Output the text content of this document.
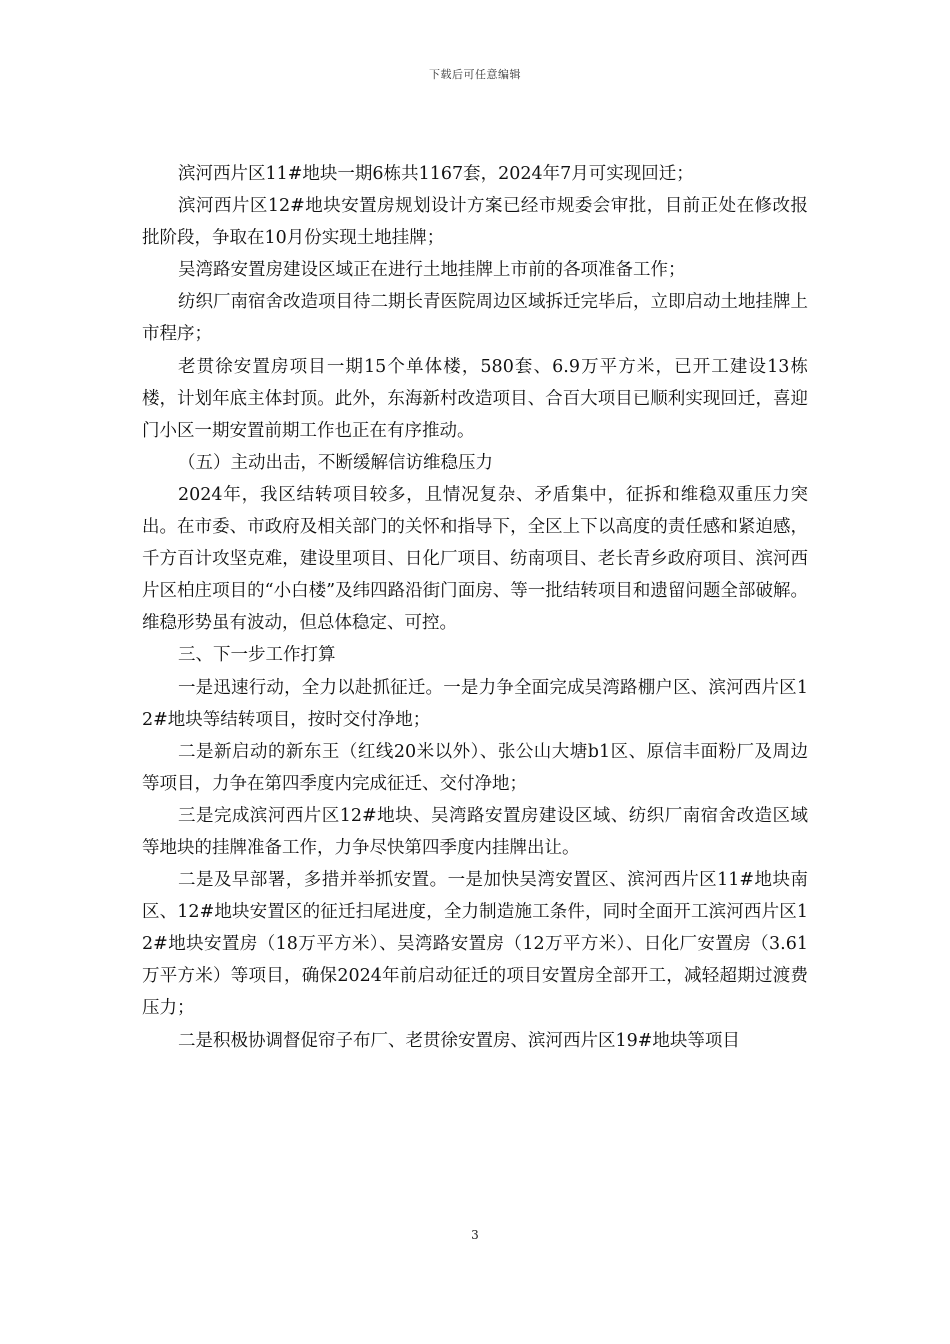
下载后可任意编辑

滨河西片区11#地块一期6栋共1167套，2024年7月可实现回迁；

滨河西片区12#地块安置房规划设计方案已经市规委会审批，目前正处在修改报批阶段，争取在10月份实现土地挂牌；

吴湾路安置房建设区域正在进行土地挂牌上市前的各项准备工作；

纺织厂南宿舍改造项目待二期长青医院周边区域拆迁完毕后，立即启动土地挂牌上市程序；

老贯徐安置房项目一期15个单体楼，580套、6.9万平方米，已开工建设13栋楼，计划年底主体封顶。此外，东海新村改造项目、合百大项目已顺利实现回迁，喜迎门小区一期安置前期工作也正在有序推动。

（五）主动出击，不断缓解信访维稳压力

2024年，我区结转项目较多，且情况复杂、矛盾集中，征拆和维稳双重压力突出。在市委、市政府及相关部门的关怀和指导下，全区上下以高度的责任感和紧迫感，千方百计攻坚克难，建设里项目、日化厂项目、纺南项目、老长青乡政府项目、滨河西片区柏庄项目的“小白楼”及纬四路沿街门面房、等一批结转项目和遗留问题全部破解。维稳形势虽有波动，但总体稳定、可控。

三、下一步工作打算

一是迅速行动，全力以赴抓征迁。一是力争全面完成吴湾路棚户区、滨河西片区12#地块等结转项目，按时交付净地；

二是新启动的新东王（红线20米以外）、张公山大塘b1区、原信丰面粉厂及周边等项目，力争在第四季度内完成征迁、交付净地；

三是完成滨河西片区12#地块、吴湾路安置房建设区域、纺织厂南宿舍改造区域等地块的挂牌准备工作，力争尽快第四季度内挂牌出让。

二是及早部署，多措并举抓安置。一是加快吴湾安置区、滨河西片区11#地块南区、12#地块安置区的征迁扫尾进度，全力制造施工条件，同时全面开工滨河西片区12#地块安置房（18万平方米）、吴湾路安置房（12万平方米）、日化厂安置房（3.61万平方米）等项目，确保2024年前启动征迁的项目安置房全部开工，减轻超期过渡费压力；

二是积极协调督促帘子布厂、老贯徐安置房、滨河西片区19#地块等项目

3
